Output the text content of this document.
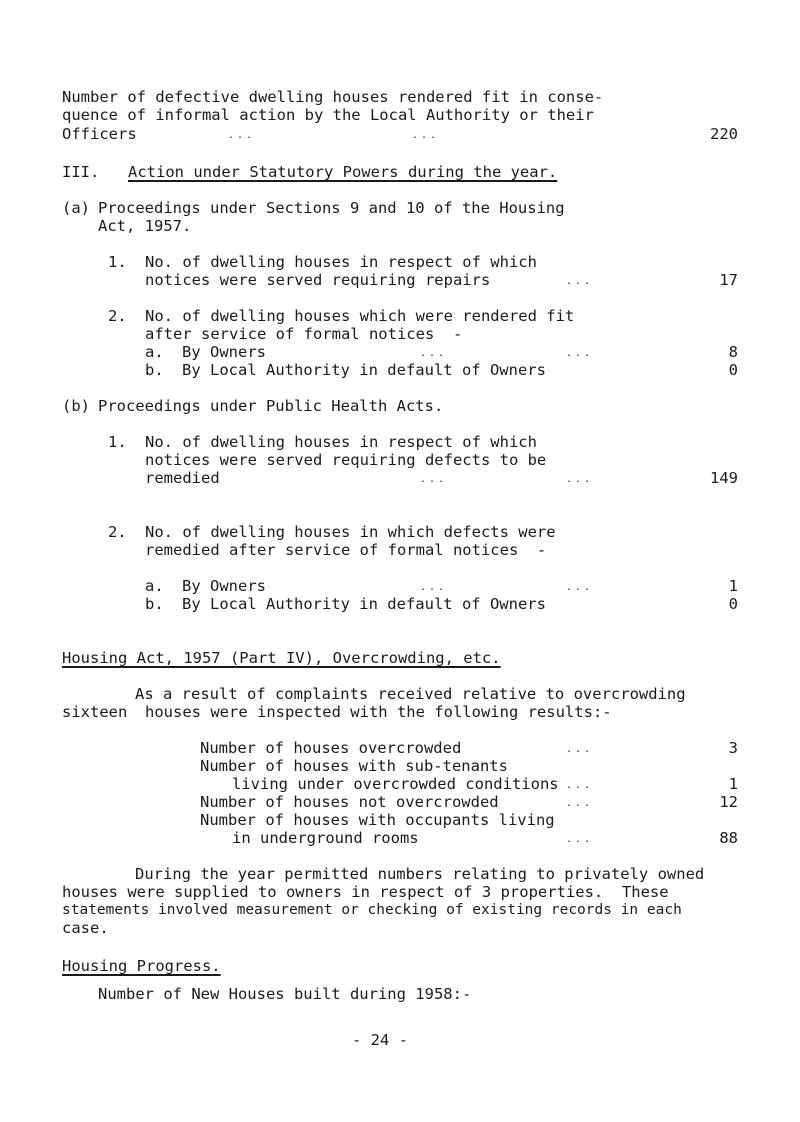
Number of defective dwelling houses rendered fit in conse-
quence of informal action by the Local Authority or their
Officers	...	...	220
III. Action under Statutory Powers during the year.
(a) Proceedings under Sections 9 and 10 of the Housing
Act, 1957.
1. No. of dwelling houses in respect of which
notices were served requiring repairs	...	17
2. No. of dwelling houses which were rendered fit
after service of formal notices  -
a. By Owners	...	...	8
b. By Local Authority in default of Owners	0
(b) Proceedings under Public Health Acts.
1. No. of dwelling houses in respect of which
notices were served requiring defects to be
remedied	...	...	149
2. No. of dwelling houses in which defects were
remedied after service of formal notices  -
a. By Owners	...	...	1
b. By Local Authority in default of Owners	0
Housing Act, 1957 (Part IV), Overcrowding, etc.
As a result of complaints received relative to overcrowding
sixteen houses were inspected with the following results:-
Number of houses overcrowded	...	3
Number of houses with sub-tenants
living under overcrowded conditions ...	1
Number of houses not overcrowded	...	12
Number of houses with occupants living
in underground rooms	...	88
During the year permitted numbers relating to privately owned
houses were supplied to owners in respect of 3 properties.  These
statements involved measurement or checking of existing records in each
case.
Housing Progress.
Number of New Houses built during 1958:-
- 24 -
